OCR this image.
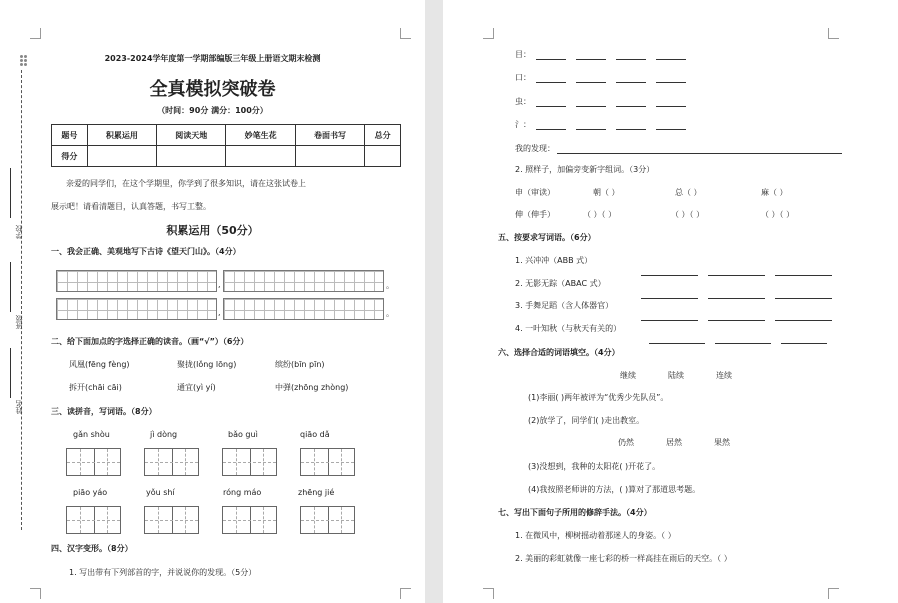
学校
班级
姓名
2023-2024学年度第一学期部编版三年级上册语文期末检测
全真模拟突破卷
（时间：90分 满分：100分）
题号	积累运用	阅读天地	妙笔生花	卷面书写	总分
得分					
亲爱的同学们，在这个学期里，你学到了很多知识，请在这张试卷上
展示吧！请看清题目，认真答题，书写工整。
积累运用（50分）
一、我会正确、美观地写下古诗《望天门山》。（4分）
,	。
,	。
二、给下面加点的字选择正确的读音。（画“√”）（6分）
风凰(fēng fèng)	聚拢(lǒng lōng)	缤纷(bīn pīn)
拆开(chāi cāi)	通宜(yì yí)	中弹(zhōng zhòng)
三、读拼音，写词语。（8分）
gǎn shòu	jì dòng	bǎo guì	qiāo dǎ
piāo yáo	yǒu shí	róng máo	zhēng jié
四、汉字变形。（8分）
1. 写出带有下列部首的字，并说说你的发现。（5分）
目：
口：
虫：
氵：
我的发现：
2. 照样子，加偏旁变新字组词。（3分）
申（审读）	朝（ ）	总（ ）	麻（ ）
伸（伸手）	（ ）（ ）	（ ）（ ）	（ ）（ ）
五、按要求写词语。（6分）
1. 兴冲冲（ABB 式）
2. 无影无踪（ABAC 式）
3. 手舞足蹈（含人体器官）
4. 一叶知秋（与秋天有关的）
六、选择合适的词语填空。（4分）
继续	陆续	连续
(1)李丽( )两年被评为“优秀少先队员”。
(2)放学了，同学们( )走出教室。
仍然	居然	果然
(3)没想到，我种的太阳花( )开花了。
(4)我按照老师讲的方法，( )算对了那道思考题。
七、写出下面句子所用的修辞手法。（4分）
1. 在微风中，柳树摇动着那迷人的身姿。（ ）
2. 美丽的彩虹就像一座七彩的桥一样高挂在雨后的天空。（ ）
